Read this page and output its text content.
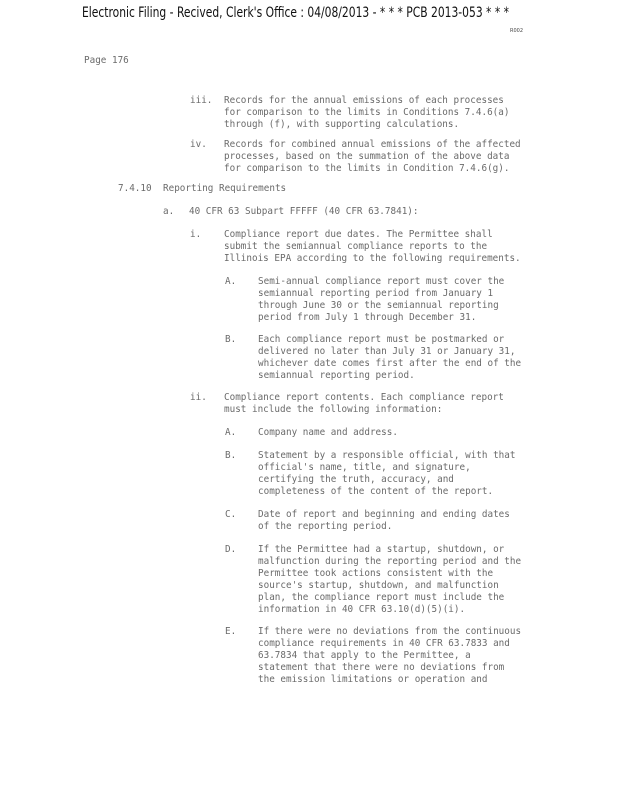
Electronic Filing - Recived, Clerk's Office : 04/08/2013 - * * * PCB 2013-053 * * *
R002
Page 176
iii. Records for the annual emissions of each processes
for comparison to the limits in Conditions 7.4.6(a)
through (f), with supporting calculations.
iv. Records for combined annual emissions of the affected
processes, based on the summation of the above data
for comparison to the limits in Condition 7.4.6(g).
7.4.10 Reporting Requirements
a. 40 CFR 63 Subpart FFFFF (40 CFR 63.7841):
i. Compliance report due dates. The Permittee shall
submit the semiannual compliance reports to the
Illinois EPA according to the following requirements.
A. Semi-annual compliance report must cover the
semiannual reporting period from January 1
through June 30 or the semiannual reporting
period from July 1 through December 31.
B. Each compliance report must be postmarked or
delivered no later than July 31 or January 31,
whichever date comes first after the end of the
semiannual reporting period.
ii. Compliance report contents. Each compliance report
must include the following information:
A. Company name and address.
B. Statement by a responsible official, with that
official's name, title, and signature,
certifying the truth, accuracy, and
completeness of the content of the report.
C. Date of report and beginning and ending dates
of the reporting period.
D. If the Permittee had a startup, shutdown, or
malfunction during the reporting period and the
Permittee took actions consistent with the
source's startup, shutdown, and malfunction
plan, the compliance report must include the
information in 40 CFR 63.10(d)(5)(i).
E. If there were no deviations from the continuous
compliance requirements in 40 CFR 63.7833 and
63.7834 that apply to the Permittee, a
statement that there were no deviations from
the emission limitations or operation and
